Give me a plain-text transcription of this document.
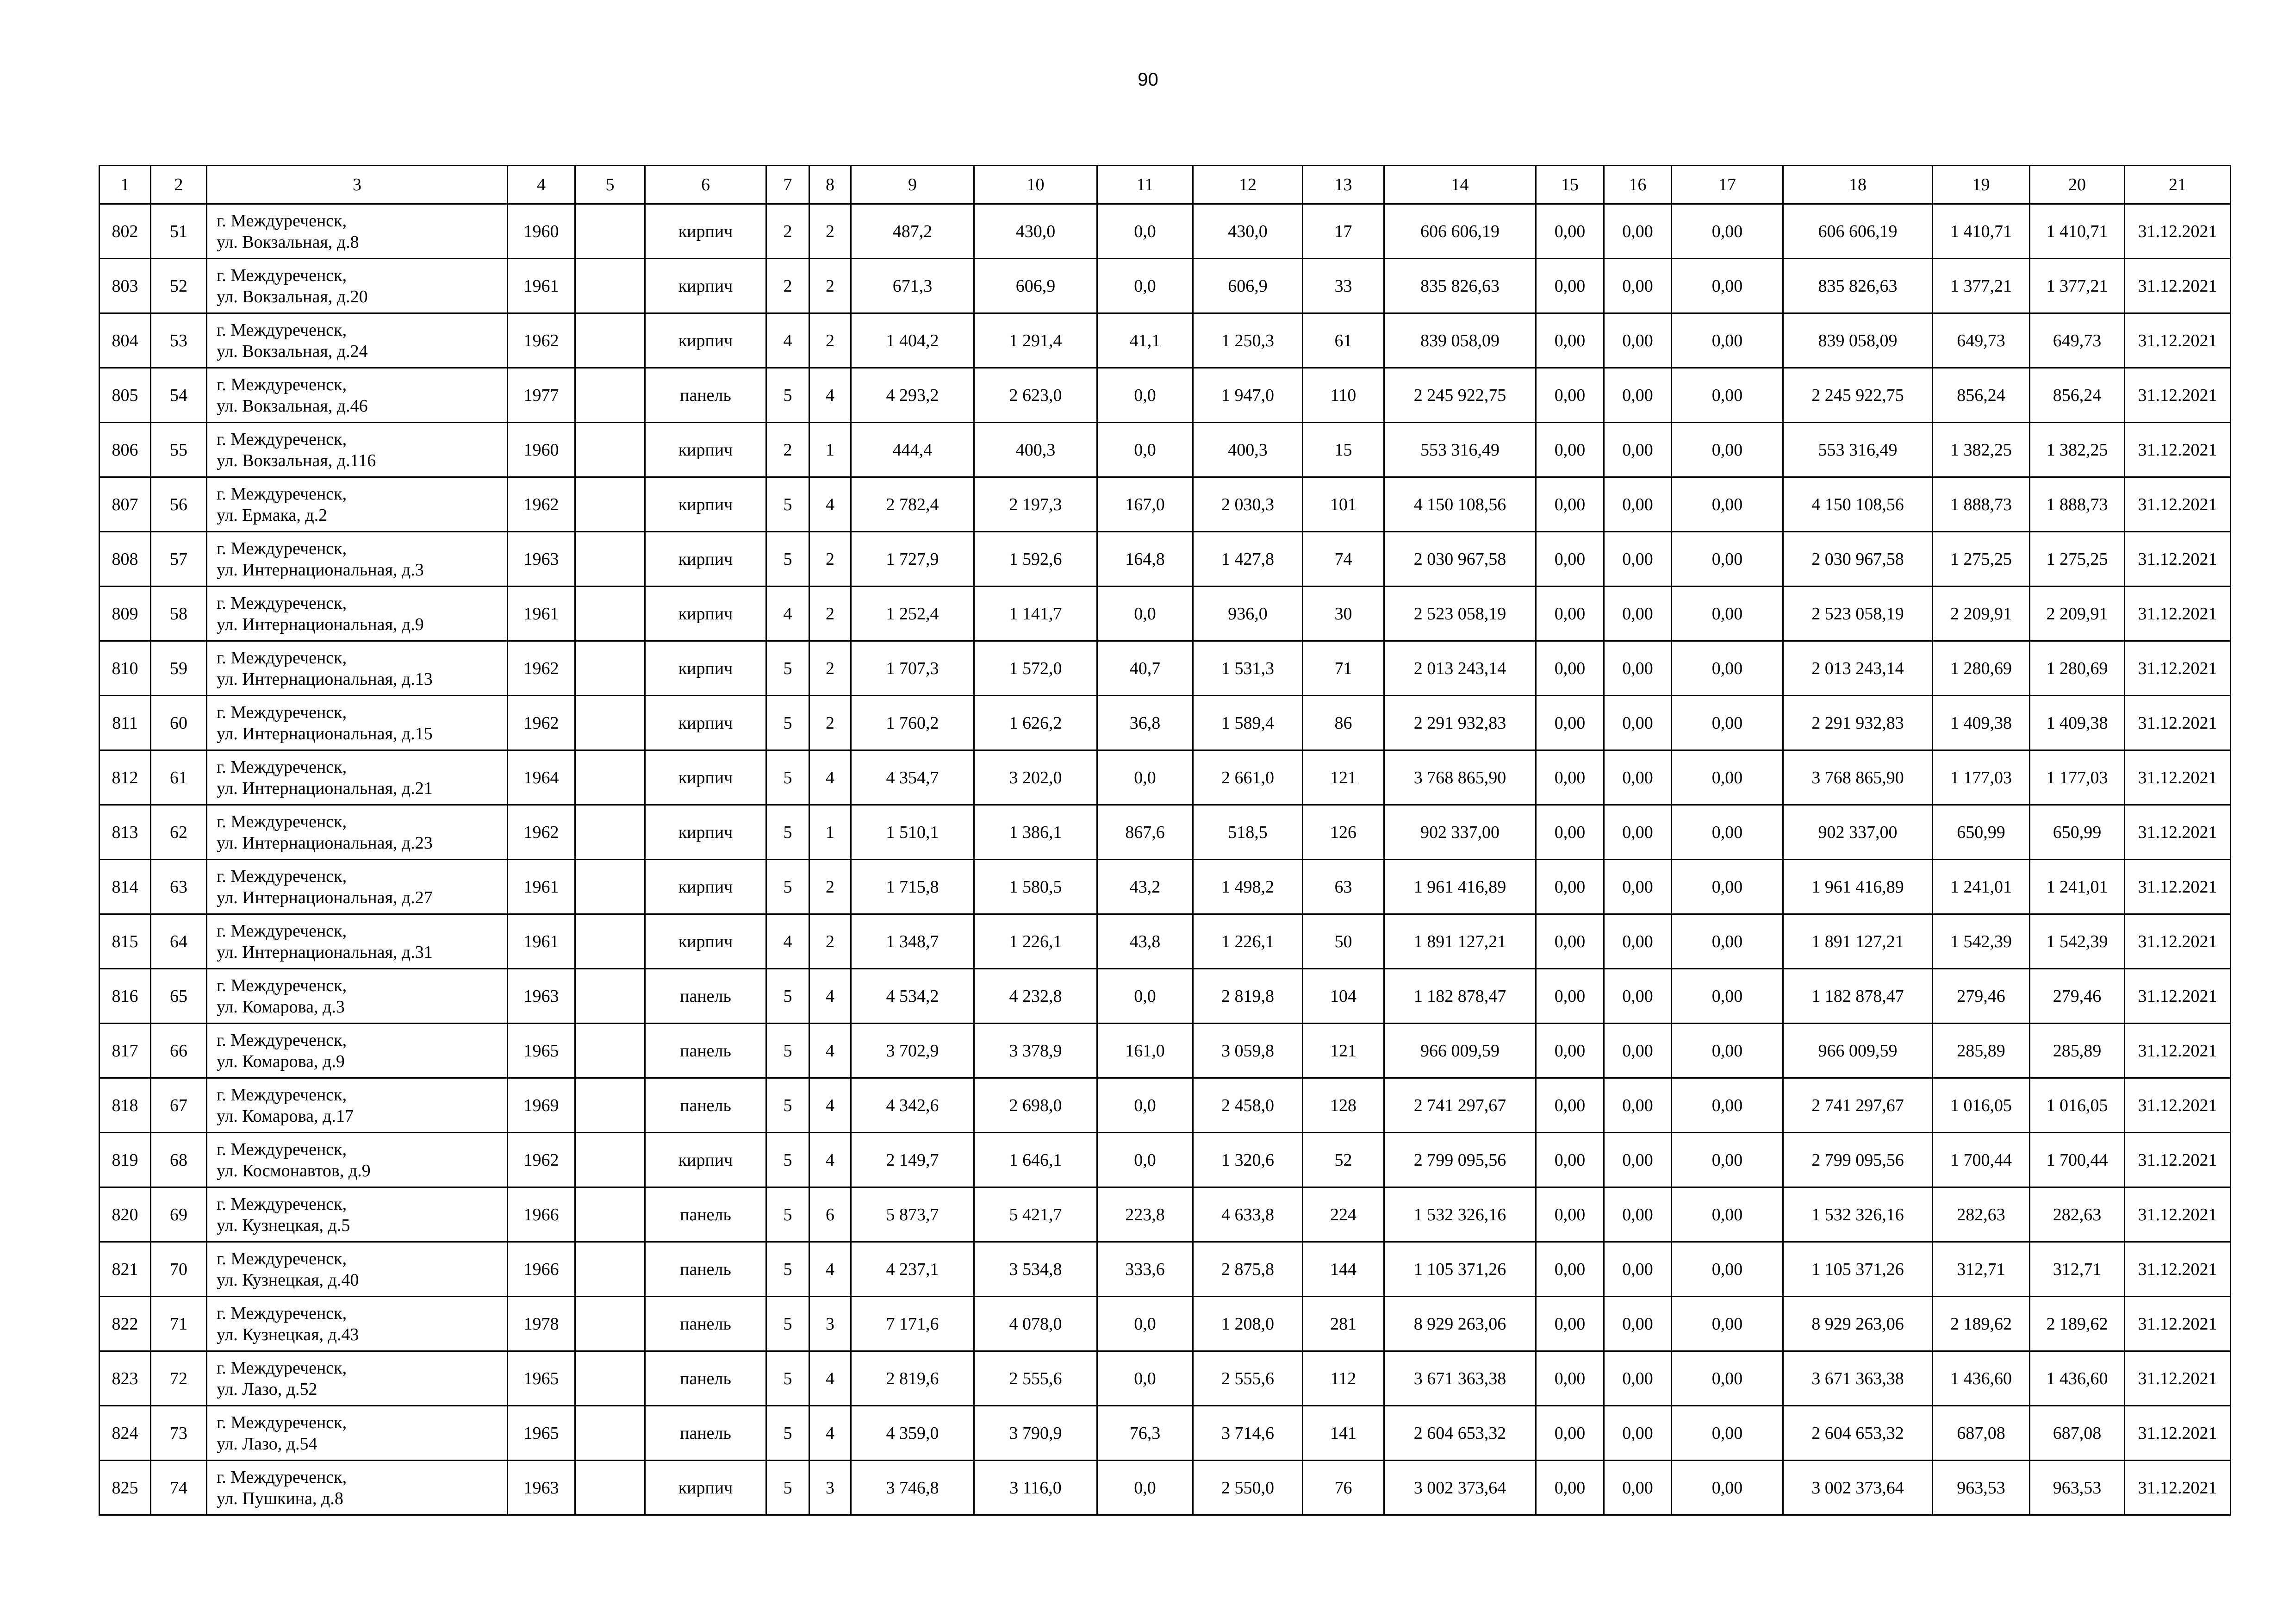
90
1	2	3	4	5	6	7	8	9	10	11	12	13	14	15	16	17	18	19	20	21
802	51	г. Междуреченск,
ул. Вокзальная, д.8	1960		кирпич	2	2	487,2	430,0	0,0	430,0	17	606 606,19	0,00	0,00	0,00	606 606,19	1 410,71	1 410,71	31.12.2021
803	52	г. Междуреченск,
ул. Вокзальная, д.20	1961		кирпич	2	2	671,3	606,9	0,0	606,9	33	835 826,63	0,00	0,00	0,00	835 826,63	1 377,21	1 377,21	31.12.2021
804	53	г. Междуреченск,
ул. Вокзальная, д.24	1962		кирпич	4	2	1 404,2	1 291,4	41,1	1 250,3	61	839 058,09	0,00	0,00	0,00	839 058,09	649,73	649,73	31.12.2021
805	54	г. Междуреченск,
ул. Вокзальная, д.46	1977		панель	5	4	4 293,2	2 623,0	0,0	1 947,0	110	2 245 922,75	0,00	0,00	0,00	2 245 922,75	856,24	856,24	31.12.2021
806	55	г. Междуреченск,
ул. Вокзальная, д.116	1960		кирпич	2	1	444,4	400,3	0,0	400,3	15	553 316,49	0,00	0,00	0,00	553 316,49	1 382,25	1 382,25	31.12.2021
807	56	г. Междуреченск,
ул. Ермака, д.2	1962		кирпич	5	4	2 782,4	2 197,3	167,0	2 030,3	101	4 150 108,56	0,00	0,00	0,00	4 150 108,56	1 888,73	1 888,73	31.12.2021
808	57	г. Междуреченск,
ул. Интернациональная, д.3	1963		кирпич	5	2	1 727,9	1 592,6	164,8	1 427,8	74	2 030 967,58	0,00	0,00	0,00	2 030 967,58	1 275,25	1 275,25	31.12.2021
809	58	г. Междуреченск,
ул. Интернациональная, д.9	1961		кирпич	4	2	1 252,4	1 141,7	0,0	936,0	30	2 523 058,19	0,00	0,00	0,00	2 523 058,19	2 209,91	2 209,91	31.12.2021
810	59	г. Междуреченск,
ул. Интернациональная, д.13	1962		кирпич	5	2	1 707,3	1 572,0	40,7	1 531,3	71	2 013 243,14	0,00	0,00	0,00	2 013 243,14	1 280,69	1 280,69	31.12.2021
811	60	г. Междуреченск,
ул. Интернациональная, д.15	1962		кирпич	5	2	1 760,2	1 626,2	36,8	1 589,4	86	2 291 932,83	0,00	0,00	0,00	2 291 932,83	1 409,38	1 409,38	31.12.2021
812	61	г. Междуреченск,
ул. Интернациональная, д.21	1964		кирпич	5	4	4 354,7	3 202,0	0,0	2 661,0	121	3 768 865,90	0,00	0,00	0,00	3 768 865,90	1 177,03	1 177,03	31.12.2021
813	62	г. Междуреченск,
ул. Интернациональная, д.23	1962		кирпич	5	1	1 510,1	1 386,1	867,6	518,5	126	902 337,00	0,00	0,00	0,00	902 337,00	650,99	650,99	31.12.2021
814	63	г. Междуреченск,
ул. Интернациональная, д.27	1961		кирпич	5	2	1 715,8	1 580,5	43,2	1 498,2	63	1 961 416,89	0,00	0,00	0,00	1 961 416,89	1 241,01	1 241,01	31.12.2021
815	64	г. Междуреченск,
ул. Интернациональная, д.31	1961		кирпич	4	2	1 348,7	1 226,1	43,8	1 226,1	50	1 891 127,21	0,00	0,00	0,00	1 891 127,21	1 542,39	1 542,39	31.12.2021
816	65	г. Междуреченск,
ул. Комарова, д.3	1963		панель	5	4	4 534,2	4 232,8	0,0	2 819,8	104	1 182 878,47	0,00	0,00	0,00	1 182 878,47	279,46	279,46	31.12.2021
817	66	г. Междуреченск,
ул. Комарова, д.9	1965		панель	5	4	3 702,9	3 378,9	161,0	3 059,8	121	966 009,59	0,00	0,00	0,00	966 009,59	285,89	285,89	31.12.2021
818	67	г. Междуреченск,
ул. Комарова, д.17	1969		панель	5	4	4 342,6	2 698,0	0,0	2 458,0	128	2 741 297,67	0,00	0,00	0,00	2 741 297,67	1 016,05	1 016,05	31.12.2021
819	68	г. Междуреченск,
ул. Космонавтов, д.9	1962		кирпич	5	4	2 149,7	1 646,1	0,0	1 320,6	52	2 799 095,56	0,00	0,00	0,00	2 799 095,56	1 700,44	1 700,44	31.12.2021
820	69	г. Междуреченск,
ул. Кузнецкая, д.5	1966		панель	5	6	5 873,7	5 421,7	223,8	4 633,8	224	1 532 326,16	0,00	0,00	0,00	1 532 326,16	282,63	282,63	31.12.2021
821	70	г. Междуреченск,
ул. Кузнецкая, д.40	1966		панель	5	4	4 237,1	3 534,8	333,6	2 875,8	144	1 105 371,26	0,00	0,00	0,00	1 105 371,26	312,71	312,71	31.12.2021
822	71	г. Междуреченск,
ул. Кузнецкая, д.43	1978		панель	5	3	7 171,6	4 078,0	0,0	1 208,0	281	8 929 263,06	0,00	0,00	0,00	8 929 263,06	2 189,62	2 189,62	31.12.2021
823	72	г. Междуреченск,
ул. Лазо, д.52	1965		панель	5	4	2 819,6	2 555,6	0,0	2 555,6	112	3 671 363,38	0,00	0,00	0,00	3 671 363,38	1 436,60	1 436,60	31.12.2021
824	73	г. Междуреченск,
ул. Лазо, д.54	1965		панель	5	4	4 359,0	3 790,9	76,3	3 714,6	141	2 604 653,32	0,00	0,00	0,00	2 604 653,32	687,08	687,08	31.12.2021
825	74	г. Междуреченск,
ул. Пушкина, д.8	1963		кирпич	5	3	3 746,8	3 116,0	0,0	2 550,0	76	3 002 373,64	0,00	0,00	0,00	3 002 373,64	963,53	963,53	31.12.2021
